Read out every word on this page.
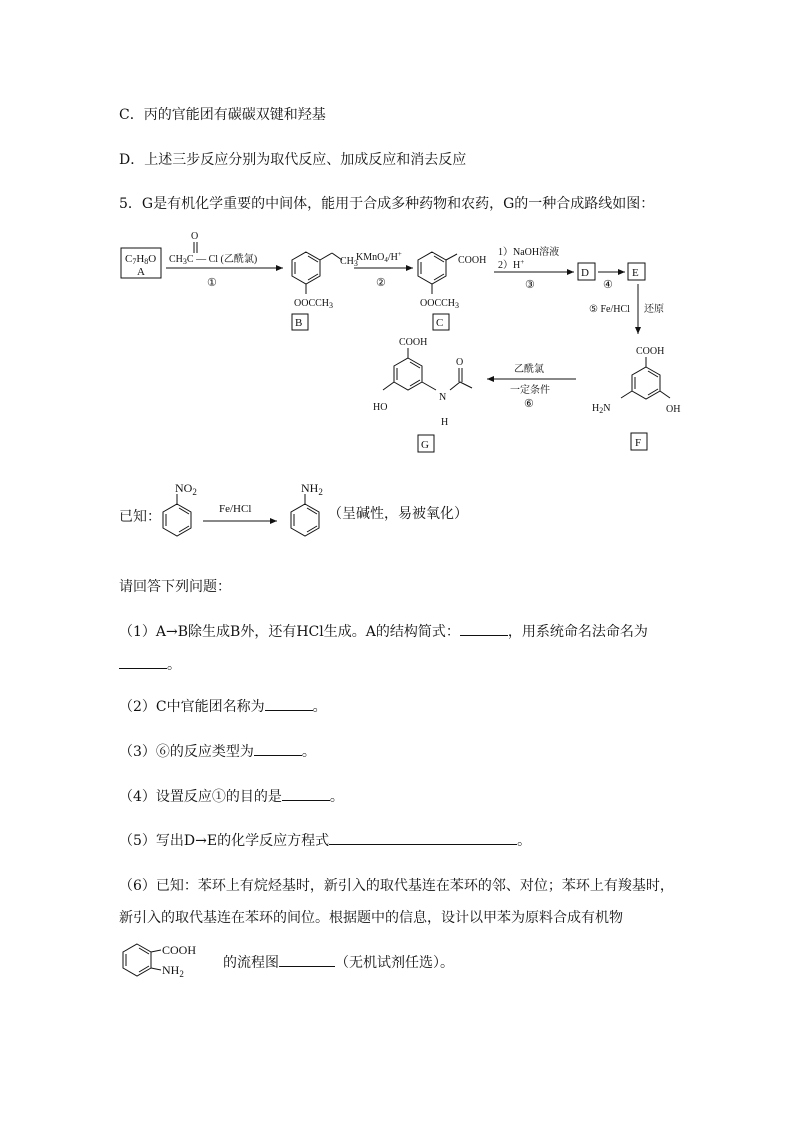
C．丙的官能团有碳碳双键和羟基
D．上述三步反应分别为取代反应、加成反应和消去反应
5．G是有机化学重要的中间体，能用于合成多种药物和农药，G的一种合成路线如图：
C7H8O
A
O
$CH_3C$ — Cl (乙酰氯)
①
$CH_3$
$OOCCH_3$
B
KMnO$_4$/H+
②
COOH
$OOCCH_3$
C
1）NaOH溶液
2）H+
③
D
④
E
⑤ Fe/HCl 还原
COOH
$H_2N$	OH
F
乙酰氯
一定条件
⑥
COOH
O
HO
N
H
G
已知：
$NO_2$
Fe/HCl
$NH_2$
（呈碱性，易被氧化）
请回答下列问题：
（1）A→B除生成B外，还有HCl生成。A的结构简式：	，用系统命名法命名为
。
（2）C中官能团名称为	。
（3）⑥的反应类型为	。
（4）设置反应①的目的是	。
（5）写出D→E的化学反应方程式	。
（6）已知：苯环上有烷烃基时，新引入的取代基连在苯环的邻、对位；苯环上有羧基时，
新引入的取代基连在苯环的间位。根据题中的信息，设计以甲苯为原料合成有机物
COOH
$NH_2$
的流程图	（无机试剂任选）。
